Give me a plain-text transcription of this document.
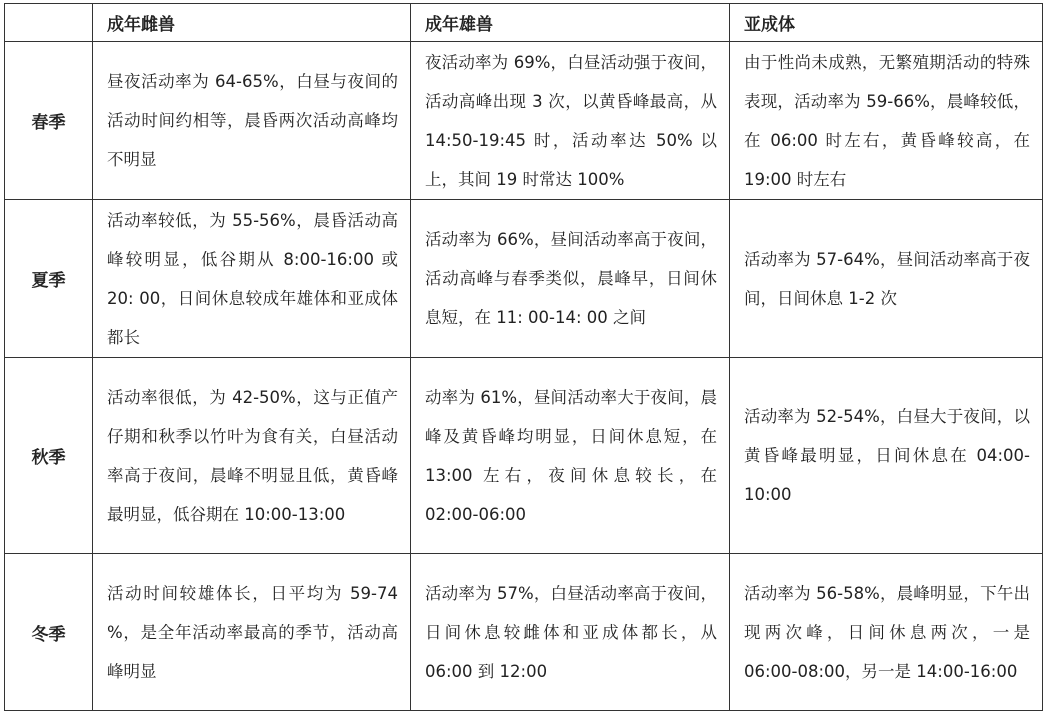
	成年雌兽	成年雄兽	亚成体

春季	昼夜活动率为 64-65%，白昼与夜间的活动时间约相等，晨昏两次活动高峰均不明显	夜活动率为 69%，白昼活动强于夜间，活动高峰出现 3 次，以黄昏峰最高，从 14:50-19:45 时，活动率达 50% 以上，其间 19 时常达 100%	由于性尚未成熟，无繁殖期活动的特殊表现，活动率为 59-66%，晨峰较低，在 06:00 时左右，黄昏峰较高，在 19:00 时左右

夏季	活动率较低，为 55-56%，晨昏活动高峰较明显，低谷期从 8:00-16:00 或 20: 00，日间休息较成年雄体和亚成体都长	活动率为 66%，昼间活动率高于夜间，活动高峰与春季类似，晨峰早，日间休息短，在 11: 00-14: 00 之间	活动率为 57-64%，昼间活动率高于夜间，日间休息 1-2 次

秋季	活动率很低，为 42-50%，这与正值产仔期和秋季以竹叶为食有关，白昼活动率高于夜间，晨峰不明显且低，黄昏峰最明显，低谷期在 10:00-13:00	动率为 61%，昼间活动率大于夜间，晨峰及黄昏峰均明显，日间休息短，在 13:00 左右，夜间休息较长，在 02:00-06:00	活动率为 52-54%，白昼大于夜间，以黄昏峰最明显，日间休息在 04:00-10:00

冬季	活动时间较雄体长，日平均为 59-74 %，是全年活动率最高的季节，活动高峰明显	活动率为 57%，白昼活动率高于夜间，日间休息较雌体和亚成体都长，从 06:00 到 12:00	活动率为 56-58%，晨峰明显，下午出现两次峰，日间休息两次，一是 06:00-08:00，另一是 14:00-16:00
